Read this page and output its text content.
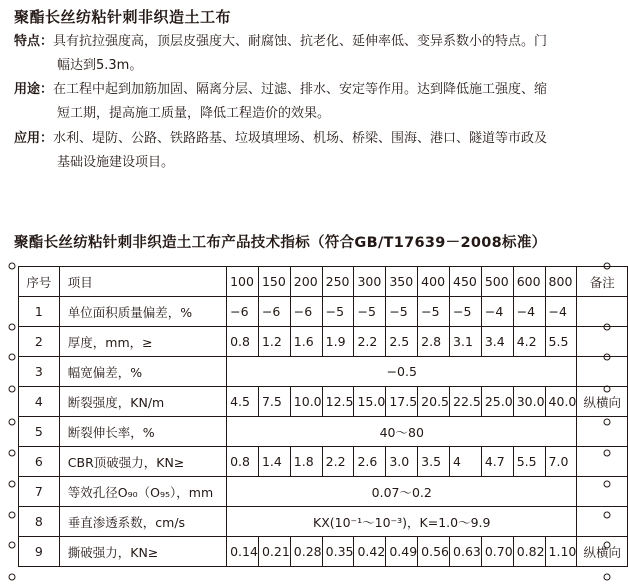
聚酯长丝纺粘针刺非织造土工布
特点：具有抗拉强度高，顶层皮强度大、耐腐蚀、抗老化、延伸率低、变异系数小的特点。门
幅达到5.3m。
用途：在工程中起到加筋加固、隔离分层、过滤、排水、安定等作用。达到降低施工强度、缩
短工期，提高施工质量，降低工程造价的效果。
应用：水利、堤防、公路、铁路路基、垃圾填埋场、机场、桥梁、围海、港口、隧道等市政及
基础设施建设项目。
聚酯长丝纺粘针刺非织造土工布产品技术指标（符合GB/T17639－2008标准）
序号	项目	100	150	200	250	300	350	400	450	500	600	800	备注
1	单位面积质量偏差，%	−6	−6	−6	−5	−5	−5	−5	−5	−4	−4	−4	
2	厚度，mm，≥	0.8	1.2	1.6	1.9	2.2	2.5	2.8	3.1	3.4	4.2	5.5	
3	幅宽偏差，%	−0.5											
4	断裂强度，KN/m	4.5	7.5	10.0	12.5	15.0	17.5	20.5	22.5	25.0	30.0	40.0	纵横向
5	断裂伸长率，%	40～80											
6	CBR顶破强力，KN≥	0.8	1.4	1.8	2.2	2.6	3.0	3.5	4	4.7	5.5	7.0	
7	等效孔径O₉₀（O₉₅），mm	0.07～0.2											
8	垂直渗透系数，cm/s	KX(10⁻¹～10⁻³)，K=1.0～9.9											
9	撕破强力，KN≥	0.14	0.21	0.28	0.35	0.42	0.49	0.56	0.63	0.70	0.82	1.10	纵横向
